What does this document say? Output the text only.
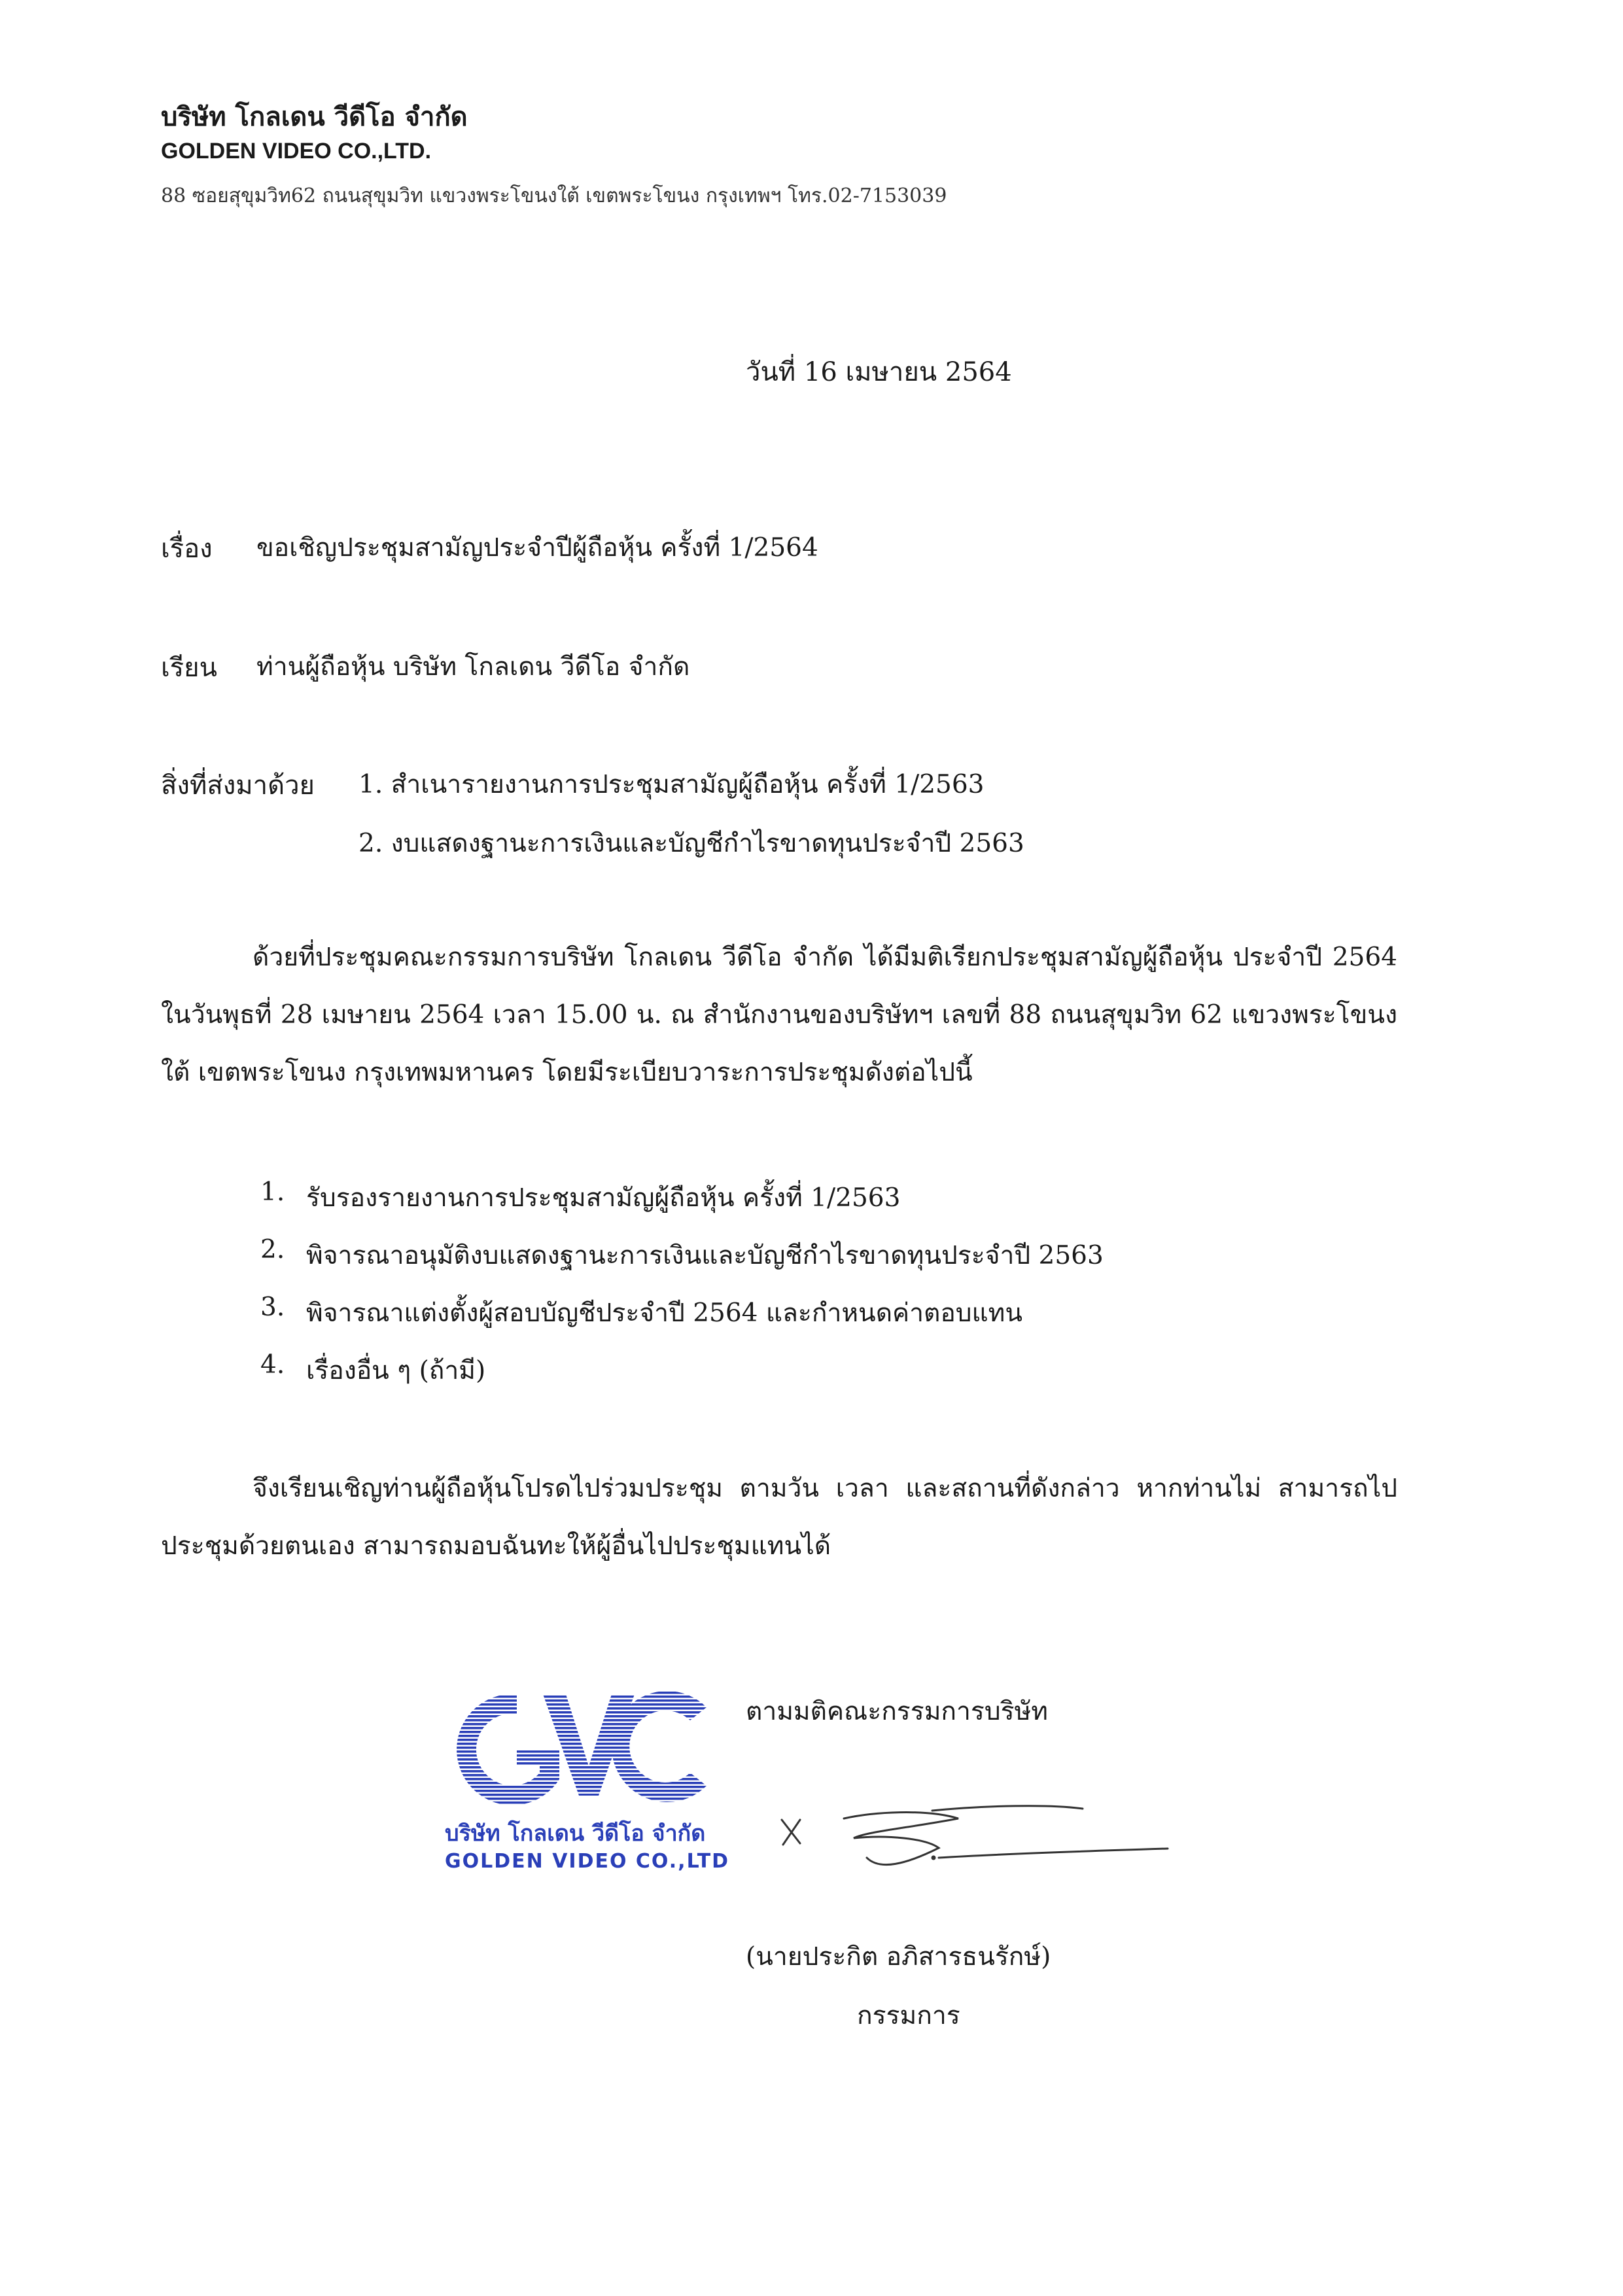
บริษัท โกลเดน วีดีโอ จำกัด
GOLDEN VIDEO CO.,LTD.
88 ซอยสุขุมวิท62 ถนนสุขุมวิท แขวงพระโขนงใต้ เขตพระโขนง กรุงเทพฯ โทร.02-7153039
วันที่ 16 เมษายน 2564
เรื่อง ขอเชิญประชุมสามัญประจำปีผู้ถือหุ้น ครั้งที่ 1/2564
เรียน ท่านผู้ถือหุ้น บริษัท โกลเดน วีดีโอ จำกัด
สิ่งที่ส่งมาด้วย 1. สำเนารายงานการประชุมสามัญผู้ถือหุ้น ครั้งที่ 1/2563
2. งบแสดงฐานะการเงินและบัญชีกำไรขาดทุนประจำปี 2563
ด้วยที่ประชุมคณะกรรมการบริษัท โกลเดน วีดีโอ จำกัด ได้มีมติเรียกประชุมสามัญผู้ถือหุ้น ประจำปี 2564 ในวันพุธที่ 28 เมษายน 2564 เวลา 15.00 น. ณ สำนักงานของบริษัทฯ เลขที่ 88 ถนนสุขุมวิท 62 แขวงพระโขนงใต้ เขตพระโขนง กรุงเทพมหานคร โดยมีระเบียบวาระการประชุมดังต่อไปนี้
1. รับรองรายงานการประชุมสามัญผู้ถือหุ้น ครั้งที่ 1/2563
2. พิจารณาอนุมัติงบแสดงฐานะการเงินและบัญชีกำไรขาดทุนประจำปี 2563
3. พิจารณาแต่งตั้งผู้สอบบัญชีประจำปี 2564 และกำหนดค่าตอบแทน
4. เรื่องอื่น ๆ (ถ้ามี)
จึงเรียนเชิญท่านผู้ถือหุ้นโปรดไปร่วมประชุม ตามวัน เวลา และสถานที่ดังกล่าว หากท่านไม่ สามารถไปประชุมด้วยตนเอง สามารถมอบฉันทะให้ผู้อื่นไปประชุมแทนได้
บริษัท โกลเดน วีดีโอ จำกัด
GOLDEN VIDEO CO.,LTD
ตามมติคณะกรรมการบริษัท
(นายประกิต อภิสารธนรักษ์)
กรรมการ
